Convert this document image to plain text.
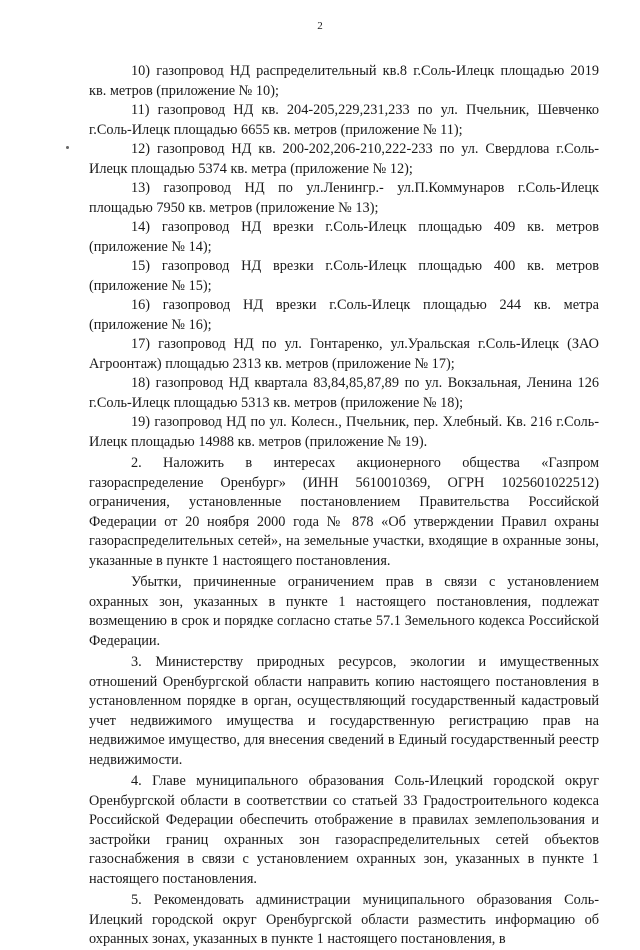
2

10) газопровод НД распределительный кв.8 г.Соль-Илецк площадью 2019 кв. метров (приложение № 10);

11) газопровод НД кв. 204-205,229,231,233 по ул. Пчельник, Шевченко г.Соль-Илецк площадью 6655 кв. метров (приложение № 11);

12) газопровод НД кв. 200-202,206-210,222-233 по ул. Свердлова г.Соль-Илецк площадью 5374 кв. метра (приложение № 12);

13) газопровод НД по ул.Ленингр.- ул.П.Коммунаров г.Соль-Илецк площадью 7950 кв. метров (приложение № 13);

14) газопровод НД врезки г.Соль-Илецк площадью 409 кв. метров (приложение № 14);

15) газопровод НД врезки г.Соль-Илецк площадью 400 кв. метров (приложение № 15);

16) газопровод НД врезки г.Соль-Илецк площадью 244 кв. метра (приложение № 16);

17) газопровод НД по ул. Гонтаренко, ул.Уральская г.Соль-Илецк (ЗАО Агроонтаж) площадью 2313 кв. метров (приложение № 17);

18) газопровод НД квартала 83,84,85,87,89 по ул. Вокзальная, Ленина 126 г.Соль-Илецк площадью 5313 кв. метров (приложение № 18);

19) газопровод НД по ул. Колесн., Пчельник, пер. Хлебный. Кв. 216 г.Соль-Илецк площадью 14988 кв. метров (приложение № 19).

2. Наложить в интересах акционерного общества «Газпром газораспределение Оренбург» (ИНН 5610010369, ОГРН 1025601022512) ограничения, установленные постановлением Правительства Российской Федерации от 20 ноября 2000 года № 878 «Об утверждении Правил охраны газораспределительных сетей», на земельные участки, входящие в охранные зоны, указанные в пункте 1 настоящего постановления.

Убытки, причиненные ограничением прав в связи с установлением охранных зон, указанных в пункте 1 настоящего постановления, подлежат возмещению в срок и порядке согласно статье 57.1 Земельного кодекса Российской Федерации.

3. Министерству природных ресурсов, экологии и имущественных отношений Оренбургской области направить копию настоящего постановления в установленном порядке в орган, осуществляющий государственный кадастровый учет недвижимого имущества и государственную регистрацию прав на недвижимое имущество, для внесения сведений в Единый государственный реестр недвижимости.

4. Главе муниципального образования Соль-Илецкий городской округ Оренбургской области в соответствии со статьей 33 Градостроительного кодекса Российской Федерации обеспечить отображение в правилах землепользования и застройки границ охранных зон газораспределительных сетей объектов газоснабжения в связи с установлением охранных зон, указанных в пункте 1 настоящего постановления.

5. Рекомендовать администрации муниципального образования Соль-Илецкий городской округ Оренбургской области разместить информацию об охранных зонах, указанных в пункте 1 настоящего постановления, в
